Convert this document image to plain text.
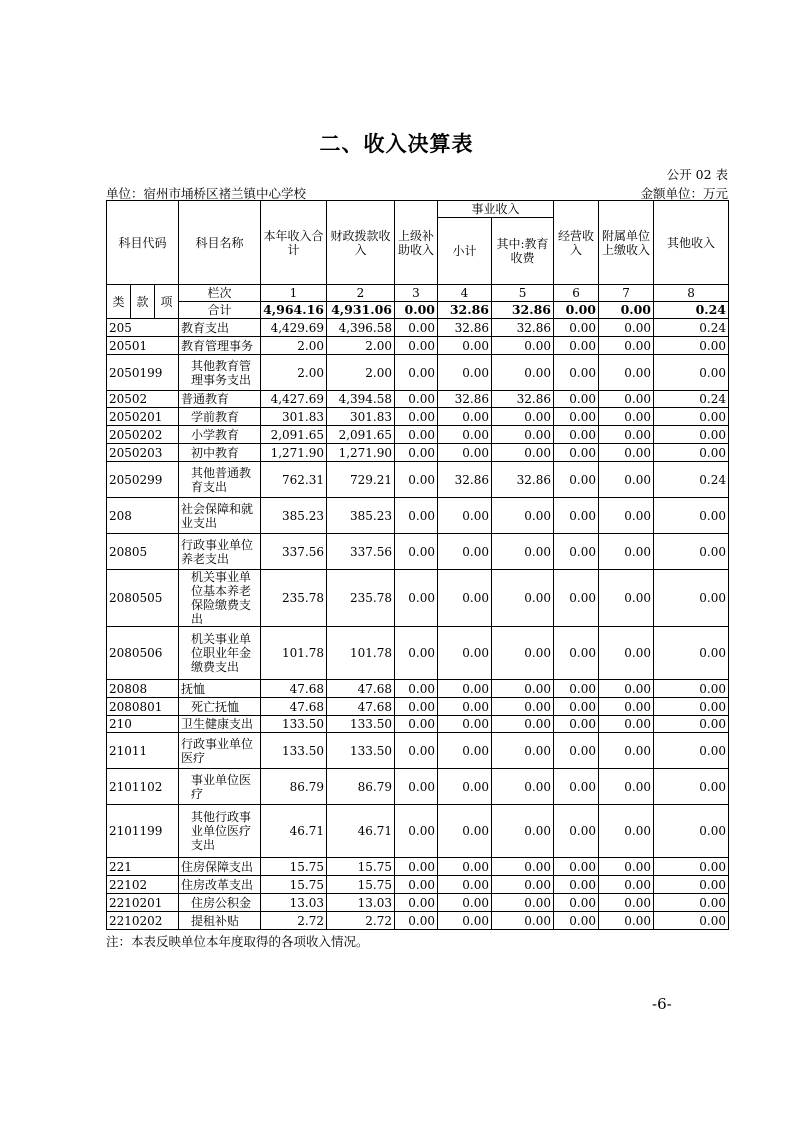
二、收入决算表
公开 02 表
单位：宿州市埇桥区褚兰镇中心学校	金额单位：万元
科目代码			科目名称	本年收入合计	财政拨款收入	上级补助收入	事业收入		经营收入	附属单位上缴收入	其他收入
							小计	其中:教育收费			
类	款	项	栏次	1	2	3	4	5	6	7	8
			合计	4,964.16	4,931.06	0.00	32.86	32.86	0.00	0.00	0.24
205			教育支出	4,429.69	4,396.58	0.00	32.86	32.86	0.00	0.00	0.24
20501			教育管理事务	2.00	2.00	0.00	0.00	0.00	0.00	0.00	0.00
2050199			其他教育管理事务支出	2.00	2.00	0.00	0.00	0.00	0.00	0.00	0.00
20502			普通教育	4,427.69	4,394.58	0.00	32.86	32.86	0.00	0.00	0.24
2050201			学前教育	301.83	301.83	0.00	0.00	0.00	0.00	0.00	0.00
2050202			小学教育	2,091.65	2,091.65	0.00	0.00	0.00	0.00	0.00	0.00
2050203			初中教育	1,271.90	1,271.90	0.00	0.00	0.00	0.00	0.00	0.00
2050299			其他普通教育支出	762.31	729.21	0.00	32.86	32.86	0.00	0.00	0.24
208			社会保障和就业支出	385.23	385.23	0.00	0.00	0.00	0.00	0.00	0.00
20805			行政事业单位养老支出	337.56	337.56	0.00	0.00	0.00	0.00	0.00	0.00
2080505			机关事业单位基本养老保险缴费支出	235.78	235.78	0.00	0.00	0.00	0.00	0.00	0.00
2080506			机关事业单位职业年金缴费支出	101.78	101.78	0.00	0.00	0.00	0.00	0.00	0.00
20808			抚恤	47.68	47.68	0.00	0.00	0.00	0.00	0.00	0.00
2080801			死亡抚恤	47.68	47.68	0.00	0.00	0.00	0.00	0.00	0.00
210			卫生健康支出	133.50	133.50	0.00	0.00	0.00	0.00	0.00	0.00
21011			行政事业单位医疗	133.50	133.50	0.00	0.00	0.00	0.00	0.00	0.00
2101102			事业单位医疗	86.79	86.79	0.00	0.00	0.00	0.00	0.00	0.00
2101199			其他行政事业单位医疗支出	46.71	46.71	0.00	0.00	0.00	0.00	0.00	0.00
221			住房保障支出	15.75	15.75	0.00	0.00	0.00	0.00	0.00	0.00
22102			住房改革支出	15.75	15.75	0.00	0.00	0.00	0.00	0.00	0.00
2210201			住房公积金	13.03	13.03	0.00	0.00	0.00	0.00	0.00	0.00
2210202			提租补贴	2.72	2.72	0.00	0.00	0.00	0.00	0.00	0.00
注：本表反映单位本年度取得的各项收入情况。
-6-
